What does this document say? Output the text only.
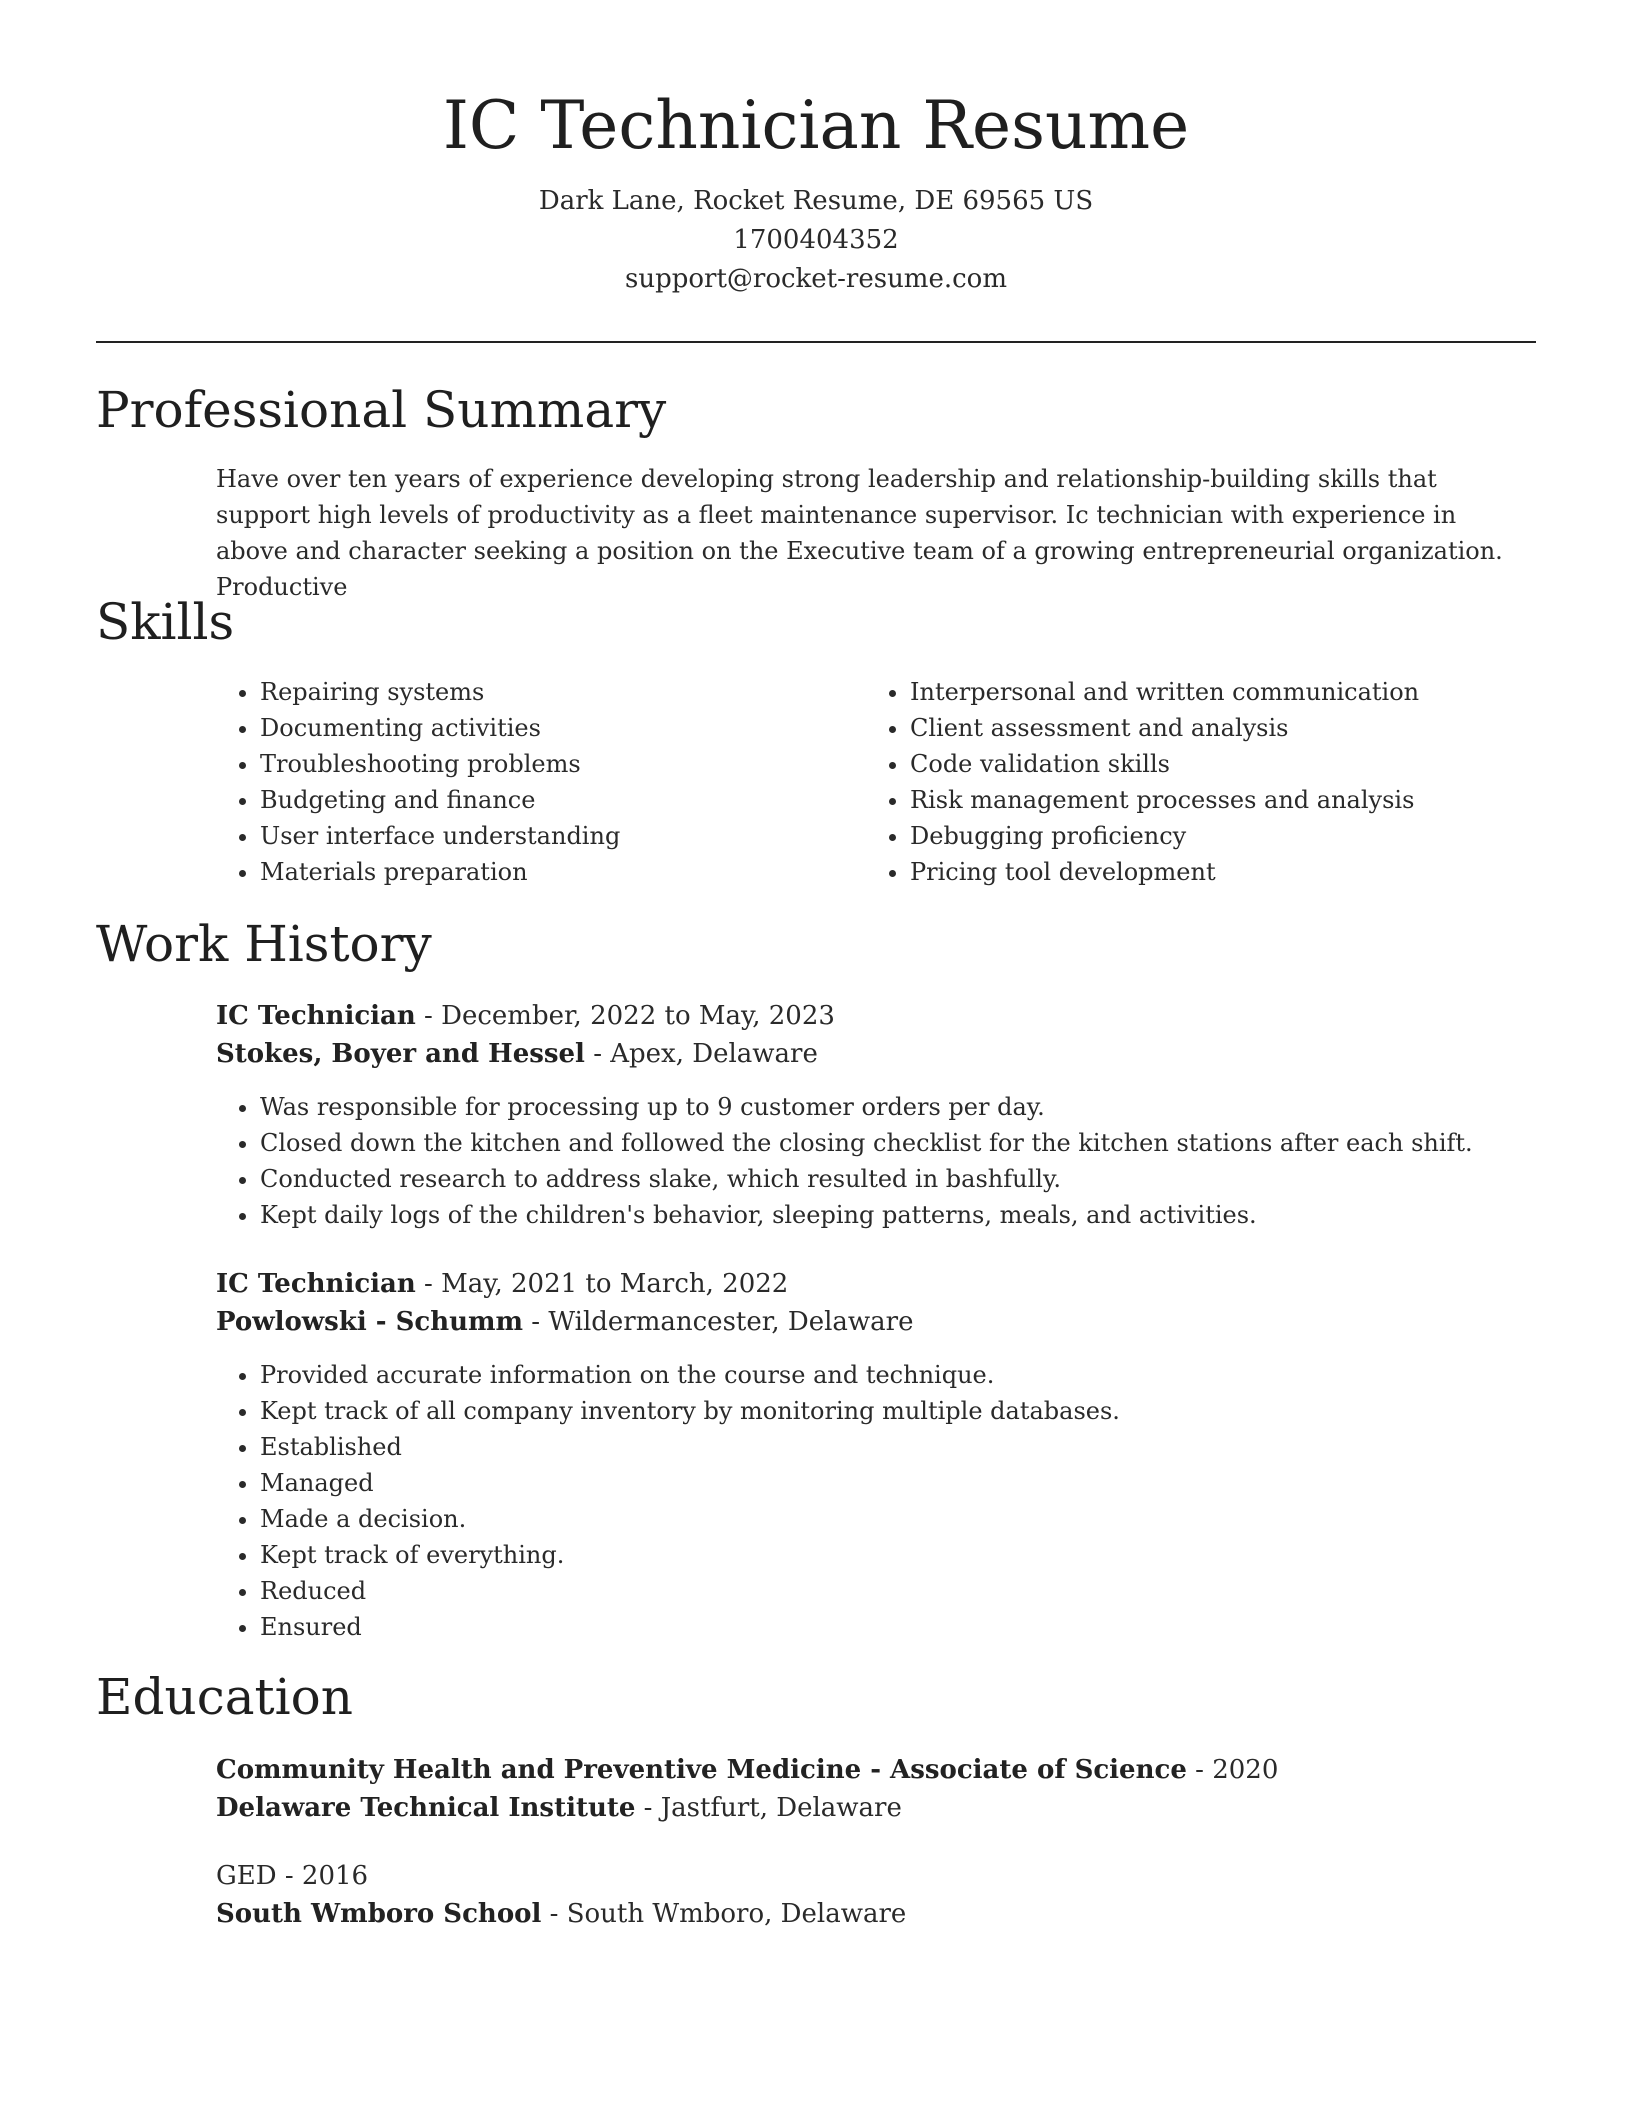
IC Technician Resume
Dark Lane, Rocket Resume, DE 69565 US
1700404352
support@rocket-resume.com
Professional Summary
Have over ten years of experience developing strong leadership and relationship-building skills that support high levels of productivity as a fleet maintenance supervisor. Ic technician with experience in above and character seeking a position on the Executive team of a growing entrepreneurial organization. Productive
Skills
• Repairing systems
• Documenting activities
• Troubleshooting problems
• Budgeting and finance
• User interface understanding
• Materials preparation
• Interpersonal and written communication
• Client assessment and analysis
• Code validation skills
• Risk management processes and analysis
• Debugging proficiency
• Pricing tool development
Work History
IC Technician - December, 2022 to May, 2023
Stokes, Boyer and Hessel - Apex, Delaware
• Was responsible for processing up to 9 customer orders per day.
• Closed down the kitchen and followed the closing checklist for the kitchen stations after each shift.
• Conducted research to address slake, which resulted in bashfully.
• Kept daily logs of the children's behavior, sleeping patterns, meals, and activities.
IC Technician - May, 2021 to March, 2022
Powlowski - Schumm - Wildermancester, Delaware
• Provided accurate information on the course and technique.
• Kept track of all company inventory by monitoring multiple databases.
• Established
• Managed
• Made a decision.
• Kept track of everything.
• Reduced
• Ensured
Education
Community Health and Preventive Medicine - Associate of Science - 2020
Delaware Technical Institute - Jastfurt, Delaware
GED - 2016
South Wmboro School - South Wmboro, Delaware
